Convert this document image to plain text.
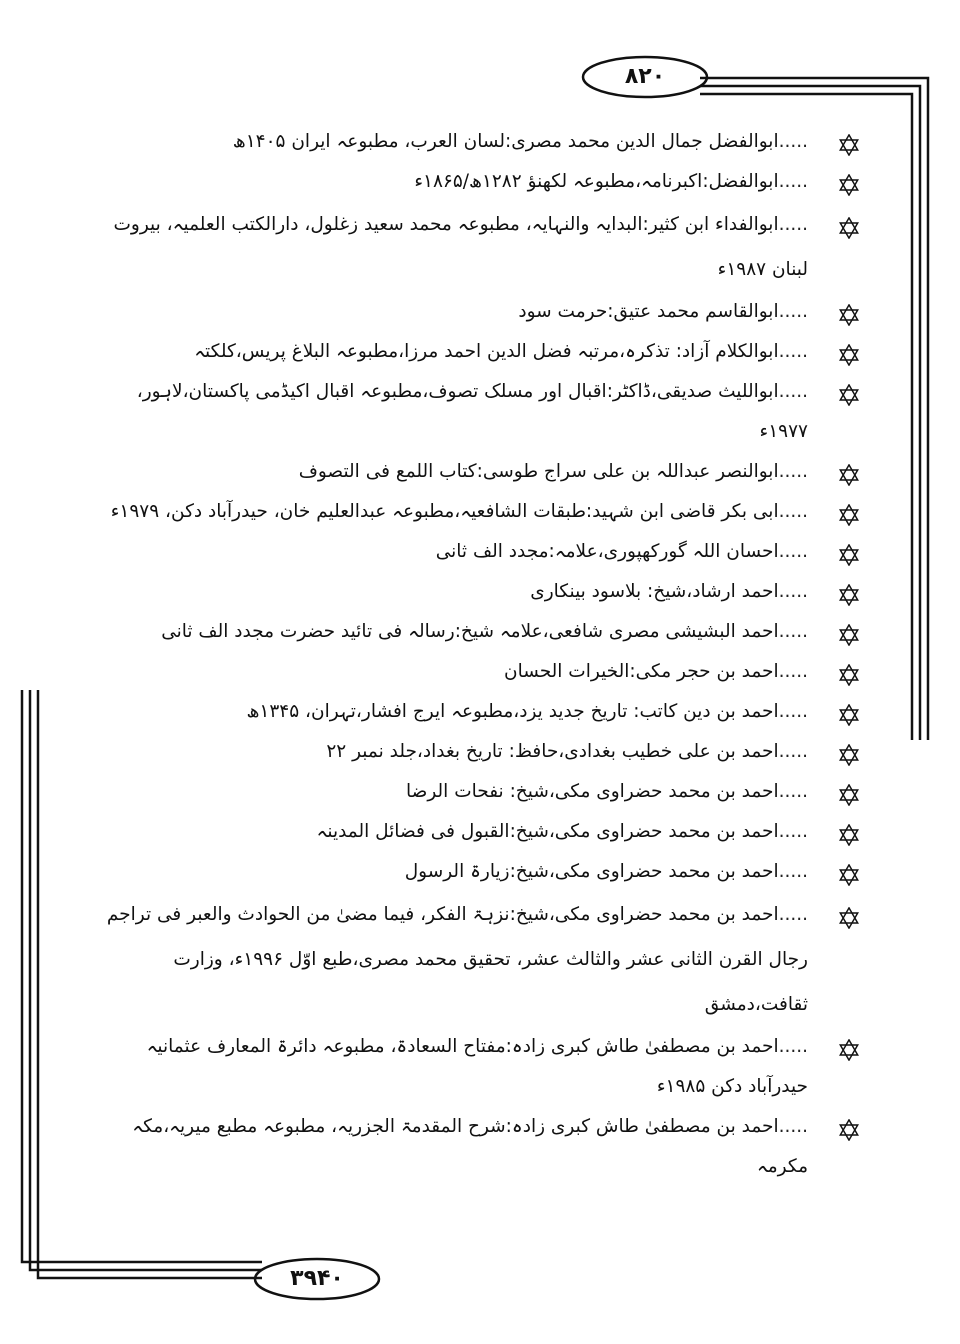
۸۲۰
۳۹۴۰
.....ابوالفضل جمال الدین محمد مصری:لسان العرب، مطبوعہ ایران ۱۴۰۵ھ
.....ابوالفضل:اکبرنامہ،مطبوعہ لکھنؤ ۱۲۸۲ھ/۱۸۶۵ء
.....ابوالفداء ابن کثیر:البدایہ والنہایہ، مطبوعہ محمد سعید زغلول، دارالکتب العلمیہ، بیروت لبنان ۱۹۸۷ء
.....ابوالقاسم محمد عتیق:حرمت سود
.....ابوالکلام آزاد: تذکرہ،مرتبہ فضل الدین احمد مرزا،مطبوعہ البلاغ پریس،کلکتہ
.....ابواللیث صدیقی،ڈاکٹر:اقبال اور مسلک تصوف،مطبوعہ اقبال اکیڈمی پاکستان،لاہور، ۱۹۷۷ء
.....ابوالنصر عبداللہ بن علی سراج طوسی:کتاب اللمع فی التصوف
.....ابی بکر قاضی ابن شہید:طبقات الشافعیہ،مطبوعہ عبدالعلیم خان، حیدرآباد دکن، ۱۹۷۹ء
.....احسان اللہ گورکھپوری،علامہ:مجدد الف ثانی
.....احمد ارشاد،شیخ: بلاسود بینکاری
.....احمد البشیشی مصری شافعی،علامہ شیخ:رسالہ فی تائید حضرت مجدد الف ثانی
.....احمد بن حجر مکی:الخیرات الحسان
.....احمد بن دین کاتب: تاریخ جدید یزد،مطبوعہ ایرج افشار،تہران، ۱۳۴۵ھ
.....احمد بن علی خطیب بغدادی،حافظ: تاریخ بغداد،جلد نمبر ۲۲
.....احمد بن محمد حضراوی مکی،شیخ: نفحات الرضا
.....احمد بن محمد حضراوی مکی،شیخ:القبول فی فضائل المدینہ
.....احمد بن محمد حضراوی مکی،شیخ:زیارۃ الرسول
.....احمد بن محمد حضراوی مکی،شیخ:نزہۃ الفکر، فیما مضیٰ من الحوادث والعبر فی تراجم رجال القرن الثانی عشر والثالث عشر، تحقیق محمد مصری،طبع اوّل ۱۹۹۶ء، وزارت ثقافت،دمشق
.....احمد بن مصطفیٰ طاش کبری زادہ:مفتاح السعادۃ، مطبوعہ دائرۃ المعارف عثمانیہ حیدرآباد دکن ۱۹۸۵ء
.....احمد بن مصطفیٰ طاش کبری زادہ:شرح المقدمۃ الجزریہ، مطبوعہ مطبع میریہ،مکہ مکرمہ
